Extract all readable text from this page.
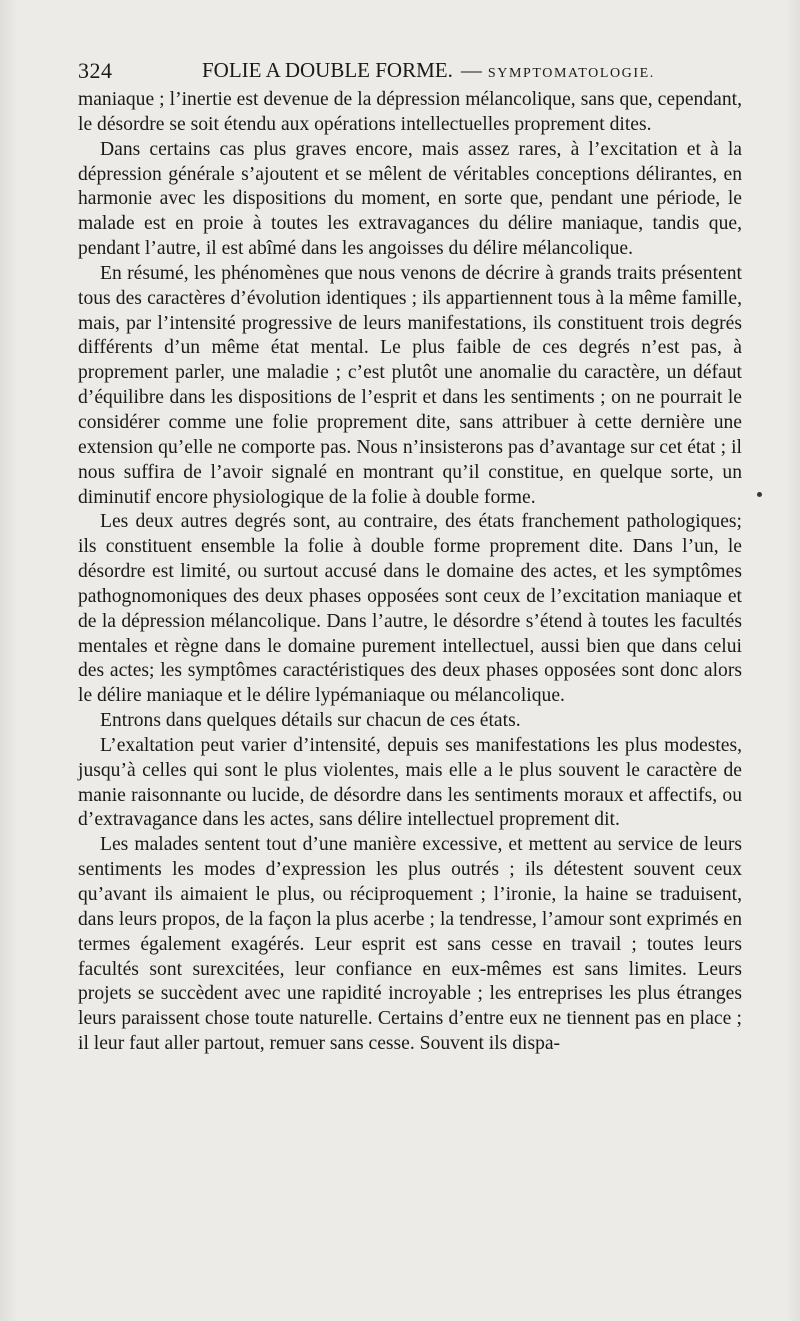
324	FOLIE A DOUBLE FORME. — SYMPTOMATOLOGIE.

maniaque ; l’inertie est devenue de la dépression mélancolique, sans que, cependant, le désordre se soit étendu aux opérations intellectuelles proprement dites.

Dans certains cas plus graves encore, mais assez rares, à l’excitation et à la dépression générale s’ajoutent et se mêlent de véritables conceptions délirantes, en harmonie avec les dispositions du moment, en sorte que, pendant une période, le malade est en proie à toutes les extravagances du délire maniaque, tandis que, pendant l’autre, il est abîmé dans les angoisses du délire mélancolique.

En résumé, les phénomènes que nous venons de décrire à grands traits présentent tous des caractères d’évolution identiques ; ils appartiennent tous à la même famille, mais, par l’intensité progressive de leurs manifestations, ils constituent trois degrés différents d’un même état mental. Le plus faible de ces degrés n’est pas, à proprement parler, une maladie ; c’est plutôt une anomalie du caractère, un défaut d’équilibre dans les dispositions de l’esprit et dans les sentiments ; on ne pourrait le considérer comme une folie proprement dite, sans attribuer à cette dernière une extension qu’elle ne comporte pas. Nous n’insisterons pas d’avantage sur cet état ; il nous suffira de l’avoir signalé en montrant qu’il constitue, en quelque sorte, un diminutif encore physiologique de la folie à double forme.

Les deux autres degrés sont, au contraire, des états franchement pathologiques; ils constituent ensemble la folie à double forme proprement dite. Dans l’un, le désordre est limité, ou surtout accusé dans le domaine des actes, et les symptômes pathognomoniques des deux phases opposées sont ceux de l’excitation maniaque et de la dépression mélancolique. Dans l’autre, le désordre s’étend à toutes les facultés mentales et règne dans le domaine purement intellectuel, aussi bien que dans celui des actes; les symptômes caractéristiques des deux phases opposées sont donc alors le délire maniaque et le délire lypémaniaque ou mélancolique.

Entrons dans quelques détails sur chacun de ces états.

L’exaltation peut varier d’intensité, depuis ses manifestations les plus modestes, jusqu’à celles qui sont le plus violentes, mais elle a le plus souvent le caractère de manie raisonnante ou lucide, de désordre dans les sentiments moraux et affectifs, ou d’extravagance dans les actes, sans délire intellectuel proprement dit.

Les malades sentent tout d’une manière excessive, et mettent au service de leurs sentiments les modes d’expression les plus outrés ; ils détestent souvent ceux qu’avant ils aimaient le plus, ou réciproquement ; l’ironie, la haine se traduisent, dans leurs propos, de la façon la plus acerbe ; la tendresse, l’amour sont exprimés en termes également exagérés. Leur esprit est sans cesse en travail ; toutes leurs facultés sont surexcitées, leur confiance en eux-mêmes est sans limites. Leurs projets se succèdent avec une rapidité incroyable ; les entreprises les plus étranges leurs paraissent chose toute naturelle. Certains d’entre eux ne tiennent pas en place ; il leur faut aller partout, remuer sans cesse. Souvent ils dispa-
